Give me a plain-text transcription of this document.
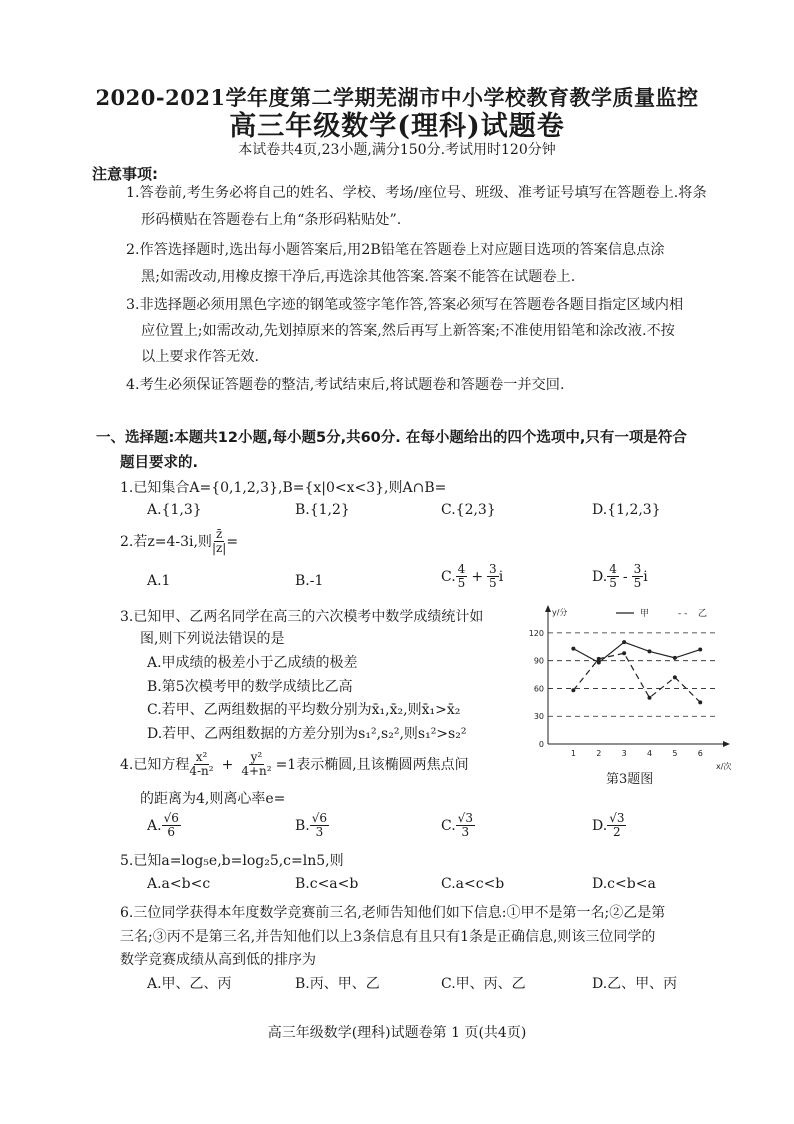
2020-2021学年度第二学期芜湖市中小学校教育教学质量监控
高三年级数学(理科)试题卷
本试卷共4页,23小题,满分150分.考试用时120分钟
注意事项:
1.答卷前,考生务必将自己的姓名、学校、考场/座位号、班级、准考证号填写在答题卷上.将条
形码横贴在答题卷右上角“条形码粘贴处”.
2.作答选择题时,选出每小题答案后,用2B铅笔在答题卷上对应题目选项的答案信息点涂
黑;如需改动,用橡皮擦干净后,再选涂其他答案.答案不能答在试题卷上.
3.非选择题必须用黑色字迹的钢笔或签字笔作答,答案必须写在答题卷各题目指定区域内相
应位置上;如需改动,先划掉原来的答案,然后再写上新答案;不准使用铅笔和涂改液.不按
以上要求作答无效.
4.考生必须保证答题卷的整洁,考试结束后,将试题卷和答题卷一并交回.
一、选择题:本题共12小题,每小题5分,共60分. 在每小题给出的四个选项中,只有一项是符合
题目要求的.
1.已知集合A={0,1,2,3},B={x|0<x<3},则A∩B=
A.{1,3}	B.{1,2}	C.{2,3}	D.{1,2,3}
2.若z=4-3i,则 $\frac{z̄}{|z|}$ =
A.1	B.-1	C. $\frac{4}{5} + \frac{3}{5}$ i	D. $\frac{4}{5} - \frac{3}{5}$ i
3.已知甲、乙两名同学在高三的六次模考中数学成绩统计如
图,则下列说法错误的是
A.甲成绩的极差小于乙成绩的极差
B.第5次模考甲的数学成绩比乙高
C.若甲、乙两组数据的平均数分别为x̄₁,x̄₂,则x̄₁>x̄₂
D.若甲、乙两组数据的方差分别为s₁²,s₂²,则s₁²>s₂²
0
30
60
90
120
1	2	3	4	5	6
y/分
x/次
甲	- - 乙
第3题图
4.已知方程 $\frac{\text{x²}}{\text{4-n²}} + \frac{\text{y²}}{\text{4+n²}} =1$表示椭圆,且该椭圆两焦点间
的距离为4,则离心率e=
A. $\frac{√6}{6}$	B. $\frac{√6}{3}$	C. $\frac{√3}{3}$	D. $\frac{√3}{2}$
5.已知a=log₅e,b=log₂5,c=ln5,则
A.a<b<c	B.c<a<b	C.a<c<b	D.c<b<a
6.三位同学获得本年度数学竞赛前三名,老师告知他们如下信息:①甲不是第一名;②乙是第
三名;③丙不是第三名,并告知他们以上3条信息有且只有1条是正确信息,则该三位同学的
数学竞赛成绩从高到低的排序为
A.甲、乙、丙	B.丙、甲、乙	C.甲、丙、乙	D.乙、甲、丙
高三年级数学(理科)试题卷第 1 页(共4页)
